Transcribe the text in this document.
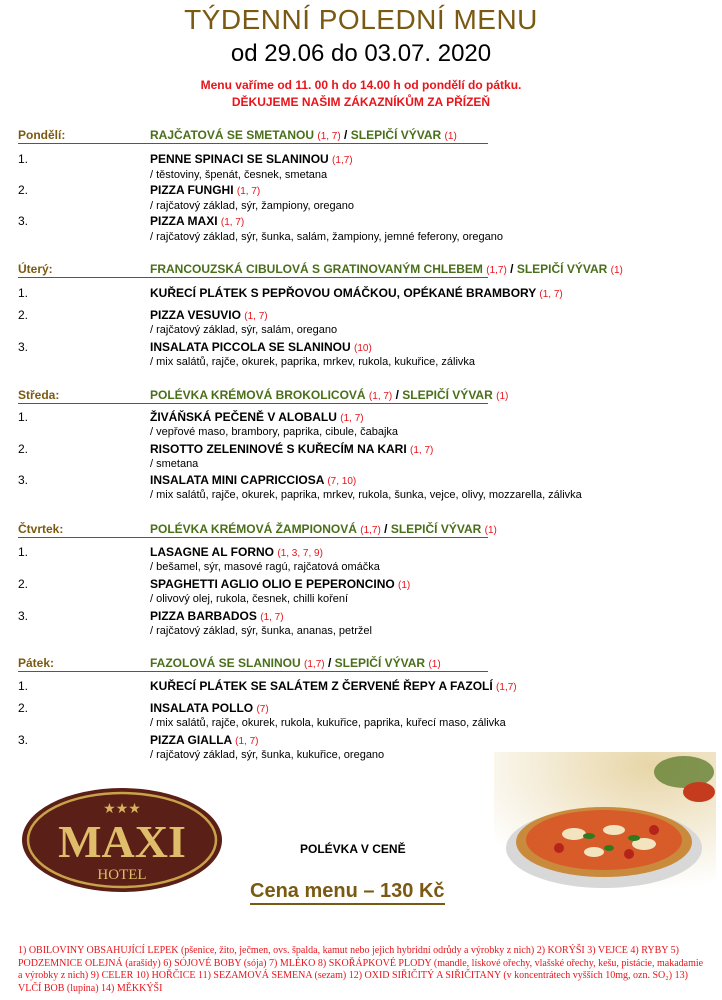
TÝDENNÍ POLEDNÍ MENU
od 29.06 do 03.07. 2020
Menu vaříme od 11. 00 h do 14.00 h od pondělí do pátku.
DĚKUJEME NAŠIM ZÁKAZNÍKŮM ZA PŘÍZEŇ
Pondělí:	RAJČATOVÁ SE SMETANOU (1, 7) / SLEPIČÍ VÝVAR (1)
1.	PENNE SPINACI SE SLANINOU (1,7)
/ těstoviny, špenát, česnek, smetana
2.	PIZZA FUNGHI (1, 7)
/ rajčatový základ, sýr, žampiony, oregano
3.	PIZZA MAXI (1, 7)
/ rajčatový základ, sýr, šunka, salám, žampiony, jemné feferony, oregano
Úterý:	FRANCOUZSKÁ CIBULOVÁ S GRATINOVANÝM CHLEBEM (1,7) / SLEPIČÍ VÝVAR (1)
1.	KUŘECÍ PLÁTEK S PEPŘOVOU OMÁČKOU, OPÉKANÉ BRAMBORY (1, 7)
2.	PIZZA VESUVIO (1, 7)
/ rajčatový základ, sýr, salám, oregano
3.	INSALATA PICCOLA SE SLANINOU (10)
/ mix salátů, rajče, okurek, paprika, mrkev, rukola, kukuřice, zálivka
Středa:	POLÉVKA KRÉMOVÁ BROKOLICOVÁ (1, 7) / SLEPIČÍ VÝVAR (1)
1.	ŽIVÁŇSKÁ PEČENĚ V ALOBALU (1, 7)
/ vepřové maso, brambory, paprika, cibule, čabajka
2.	RISOTTO ZELENINOVÉ S KUŘECÍM NA KARI (1, 7)
/ smetana
3.	INSALATA MINI CAPRICCIOSA (7, 10)
/ mix salátů, rajče, okurek, paprika, mrkev, rukola, šunka, vejce, olivy, mozzarella, zálivka
Čtvrtek:	POLÉVKA KRÉMOVÁ ŽAMPIONOVÁ (1,7) / SLEPIČÍ VÝVAR (1)
1.	LASAGNE AL FORNO (1, 3, 7, 9)
/ bešamel, sýr, masové ragú, rajčatová omáčka
2.	SPAGHETTI AGLIO OLIO E PEPERONCINO (1)
/ olivový olej, rukola, česnek, chilli koření
3.	PIZZA BARBADOS (1, 7)
/ rajčatový základ, sýr, šunka, ananas, petržel
Pátek:	FAZOLOVÁ SE SLANINOU (1,7) / SLEPIČÍ VÝVAR (1)
1.	KUŘECÍ PLÁTEK SE SALÁTEM Z ČERVENÉ ŘEPY A FAZOLÍ (1,7)
2.	INSALATA POLLO (7)
/ mix salátů, rajče, okurek, rukola, kukuřice, paprika, kuřecí maso, zálivka
3.	PIZZA GIALLA (1, 7)
/ rajčatový základ, sýr, šunka, kukuřice, oregano
★★★
MAXI
HOTEL
POLÉVKA V CENĚ
Cena menu – 130 Kč
1) OBILOVINY OBSAHUJÍCÍ LEPEK (pšenice, žito, ječmen, ovs. špalda, kamut nebo jejich hybridní odrůdy a výrobky z nich) 2) KORÝŠI 3) VEJCE 4) RYBY 5) PODZEMNICE OLEJNÁ (arašídy) 6) SÓJOVÉ BOBY (sója) 7) MLÉKO 8) SKOŘÁPKOVÉ PLODY (mandle, lískové ořechy, vlašské ořechy, kešu, pistácie, makadamie a výrobky z nich) 9) CELER 10) HOŘČICE 11) SEZAMOVÁ SEMENA (sezam) 12) OXID SIŘIČITÝ A SIŘIČITANY (v koncentrátech vyšších 10mg, ozn. SO₂) 13) VLČÍ BOB (lupina) 14) MĚKKÝŠI
